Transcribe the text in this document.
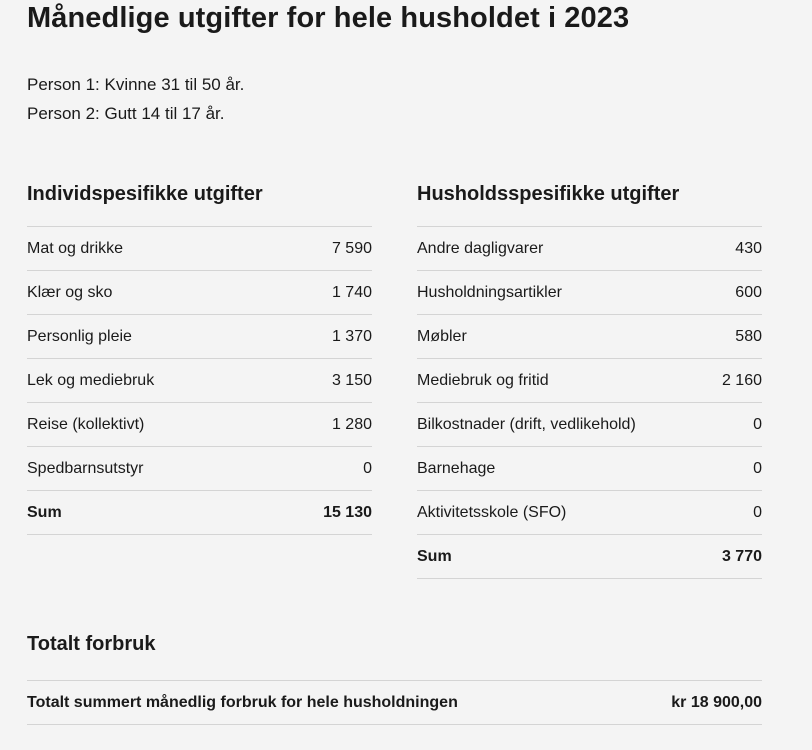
Månedlige utgifter for hele husholdet i 2023
Person 1: Kvinne 31 til 50 år.
Person 2: Gutt 14 til 17 år.
Individspesifikke utgifter
Mat og drikke	7 590
Klær og sko	1 740
Personlig pleie	1 370
Lek og mediebruk	3 150
Reise (kollektivt)	1 280
Spedbarnsutstyr	0
Sum	15 130
Husholdsspesifikke utgifter
Andre dagligvarer	430
Husholdningsartikler	600
Møbler	580
Mediebruk og fritid	2 160
Bilkostnader (drift, vedlikehold)	0
Barnehage	0
Aktivitetsskole (SFO)	0
Sum	3 770
Totalt forbruk
Totalt summert månedlig forbruk for hele husholdningen	kr 18 900,00
